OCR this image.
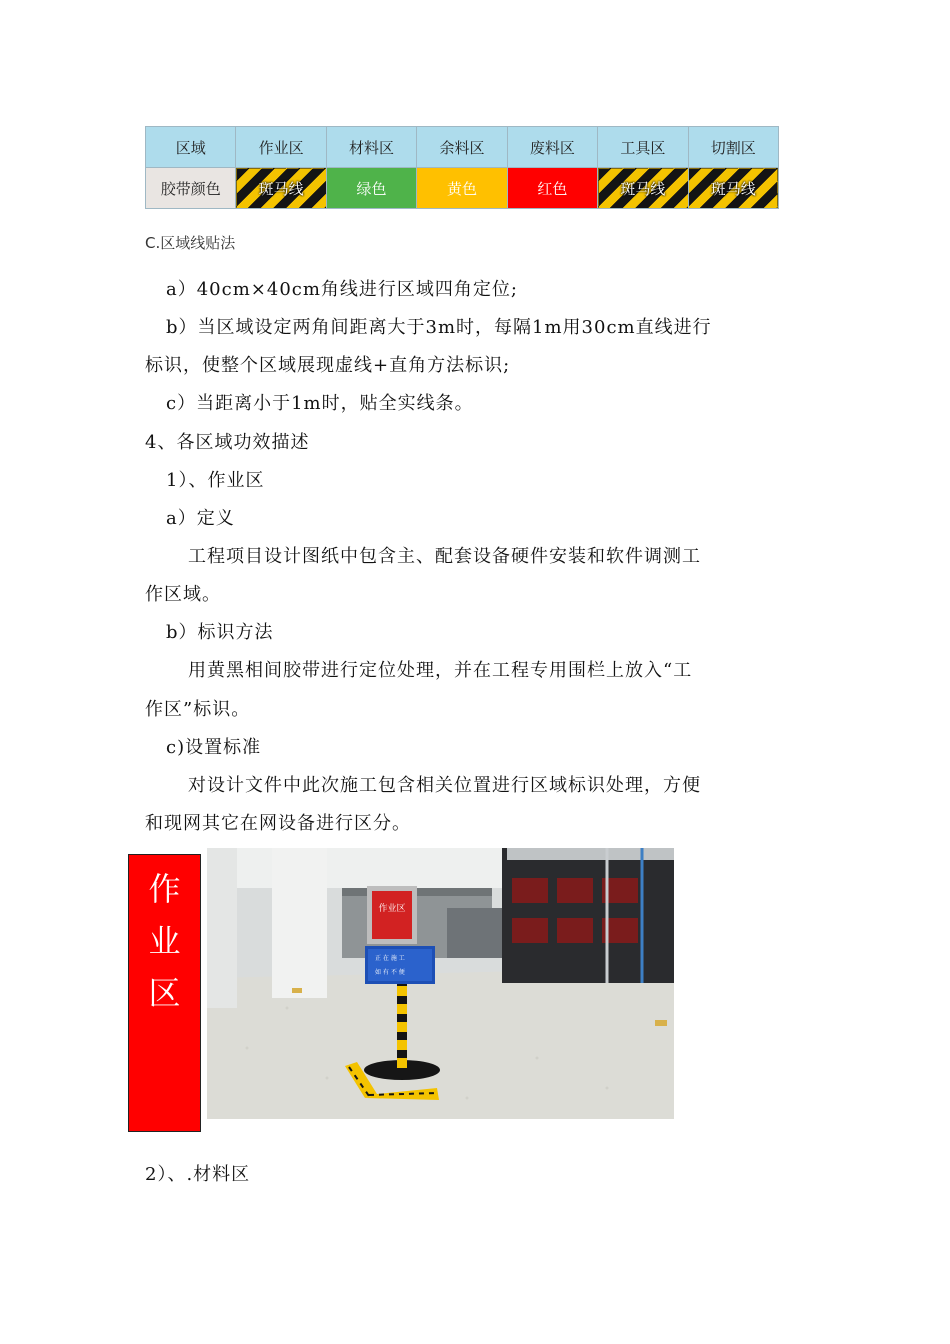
区域	作业区	材料区	余料区	废料区	工具区	切割区
胶带颜色	斑马线	绿色	黄色	红色	斑马线	斑马线
C.区域线贴法
a）40cm×40cm角线进行区域四角定位;
b）当区域设定两角间距离大于3m时，每隔1m用30cm直线进行
标识，使整个区域展现虚线+直角方法标识;
c）当距离小于1m时，贴全实线条。
4、各区域功效描述
1）、作业区
a）定义
工程项目设计图纸中包含主、配套设备硬件安装和软件调测工
作区域。
b）标识方法
用黄黑相间胶带进行定位处理，并在工程专用围栏上放入“工
作区”标识。
c)设置标准
对设计文件中此次施工包含相关位置进行区域标识处理，方便
和现网其它在网设备进行区分。
作
业
区
作业区
正 在 施 工
如 有 不 便
2）、.材料区
